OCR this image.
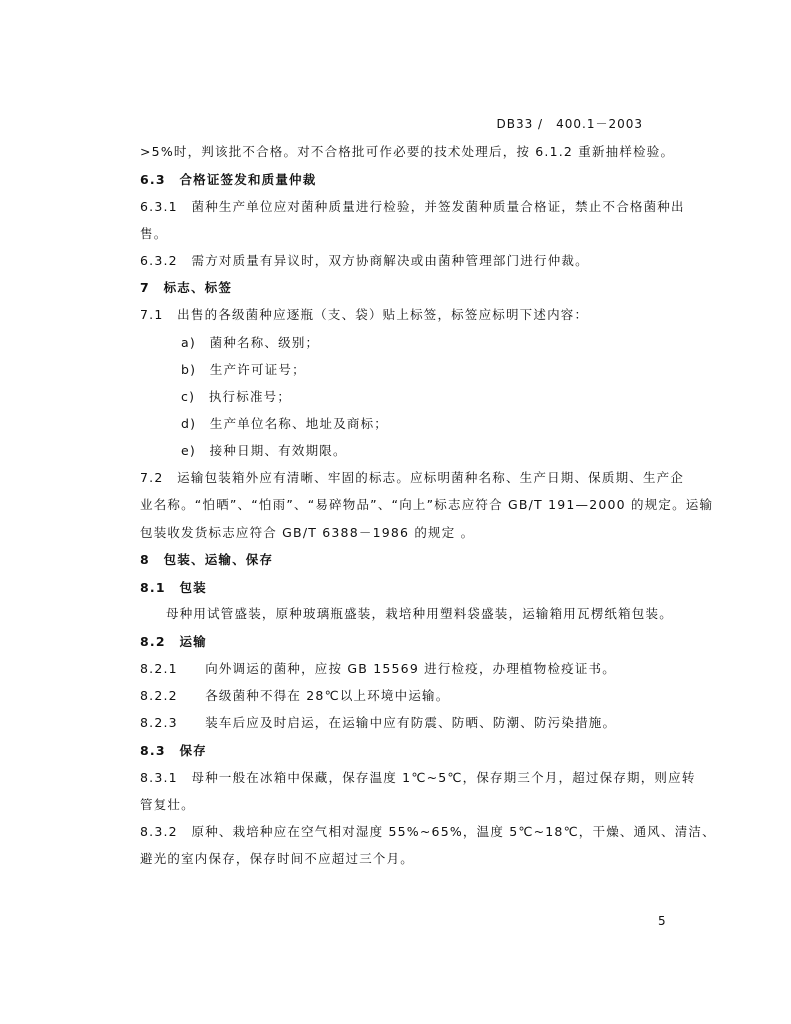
DB33 /　400.1－2003
>5%时，判该批不合格。对不合格批可作必要的技术处理后，按 6.1.2 重新抽样检验。
6.3　合格证签发和质量仲裁
6.3.1　菌种生产单位应对菌种质量进行检验，并签发菌种质量合格证，禁止不合格菌种出
售。
6.3.2　需方对质量有异议时，双方协商解决或由菌种管理部门进行仲裁。
7　标志、标签
7.1　出售的各级菌种应逐瓶（支、袋）贴上标签，标签应标明下述内容：
a)　菌种名称、级别；
b)　生产许可证号；
c)　执行标准号；
d)　生产单位名称、地址及商标；
e)　接种日期、有效期限。
7.2　运输包装箱外应有清晰、牢固的标志。应标明菌种名称、生产日期、保质期、生产企
业名称。“怕晒”、“怕雨”、“易碎物品”、“向上”标志应符合 GB/T 191—2000 的规定。运输
包装收发货标志应符合 GB/T 6388－1986 的规定 。
8　包装、运输、保存
8.1　包装
母种用试管盛装，原种玻璃瓶盛装，栽培种用塑料袋盛装，运输箱用瓦楞纸箱包装。
8.2　运输
8.2.1　　向外调运的菌种，应按 GB 15569 进行检疫，办理植物检疫证书。
8.2.2　　各级菌种不得在 28℃以上环境中运输。
8.2.3　　装车后应及时启运，在运输中应有防震、防晒、防潮、防污染措施。
8.3　保存
8.3.1　母种一般在冰箱中保藏，保存温度 1℃~5℃，保存期三个月，超过保存期，则应转
管复壮。
8.3.2　原种、栽培种应在空气相对湿度 55%~65%，温度 5℃~18℃，干燥、通风、清洁、
避光的室内保存，保存时间不应超过三个月。
5
